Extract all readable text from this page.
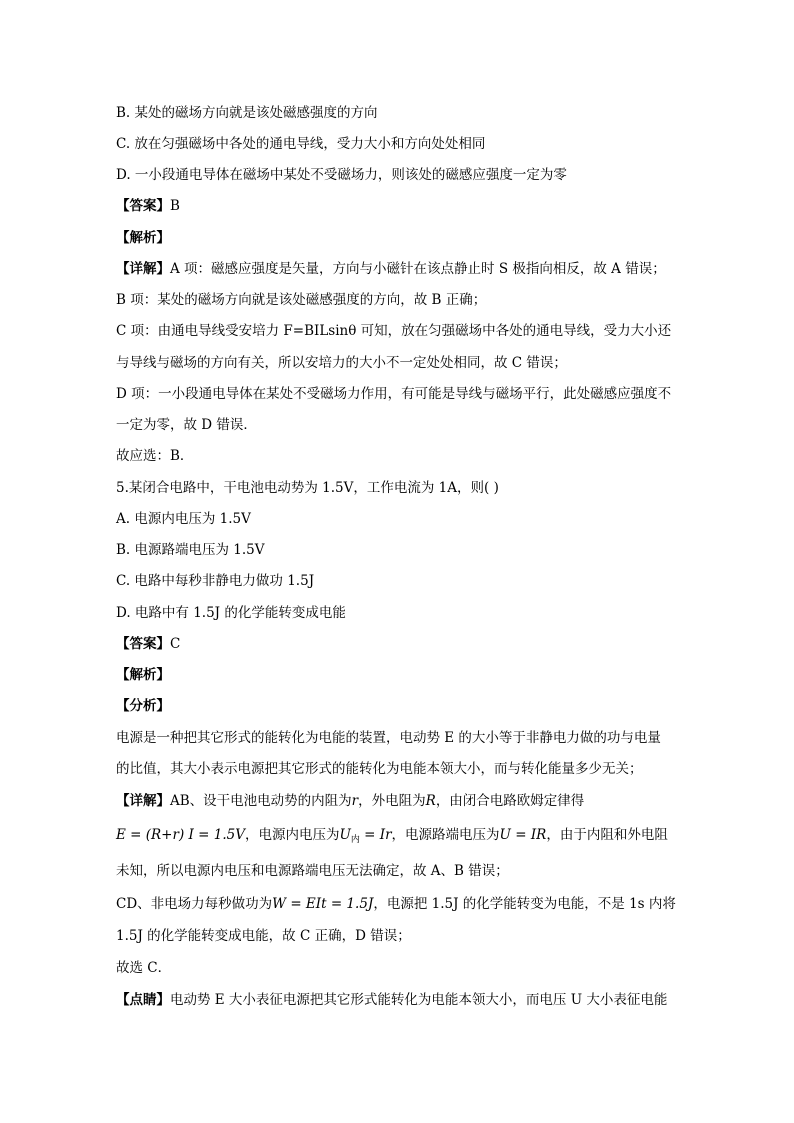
B. 某处的磁场方向就是该处磁感强度的方向
C. 放在匀强磁场中各处的通电导线，受力大小和方向处处相同
D. 一小段通电导体在磁场中某处不受磁场力，则该处的磁感应强度一定为零
【答案】B
【解析】
【详解】A 项：磁感应强度是矢量，方向与小磁针在该点静止时 S 极指向相反，故 A 错误；
B 项：某处的磁场方向就是该处磁感强度的方向，故 B 正确；
C 项：由通电导线受安培力 F=BILsinθ 可知，放在匀强磁场中各处的通电导线，受力大小还
与导线与磁场的方向有关，所以安培力的大小不一定处处相同，故 C 错误；
D 项：一小段通电导体在某处不受磁场力作用，有可能是导线与磁场平行，此处磁感应强度不
一定为零，故 D 错误．
故应选：B．
5.某闭合电路中，干电池电动势为 1.5V，工作电流为 1A，则( )
A. 电源内电压为 1.5V
B. 电源路端电压为 1.5V
C. 电路中每秒非静电力做功 1.5J
D. 电路中有 1.5J 的化学能转变成电能
【答案】C
【解析】
【分析】
电源是一种把其它形式的能转化为电能的装置，电动势 E 的大小等于非静电力做的功与电量
的比值，其大小表示电源把其它形式的能转化为电能本领大小，而与转化能量多少无关；
【详解】AB、设干电池电动势的内阻为r，外电阻为R，由闭合电路欧姆定律得
E = (R+r) I = 1.5V，电源内电压为$U_内 = Ir$，电源路端电压为U = IR，由于内阻和外电阻
未知，所以电源内电压和电源路端电压无法确定，故 A、B 错误；
CD、非电场力每秒做功为W = EIt = 1.5J，电源把 1.5J 的化学能转变为电能，不是 1s 内将
1.5J 的化学能转变成电能，故 C 正确，D 错误；
故选 C．
【点睛】电动势 E 大小表征电源把其它形式能转化为电能本领大小，而电压 U 大小表征电能
